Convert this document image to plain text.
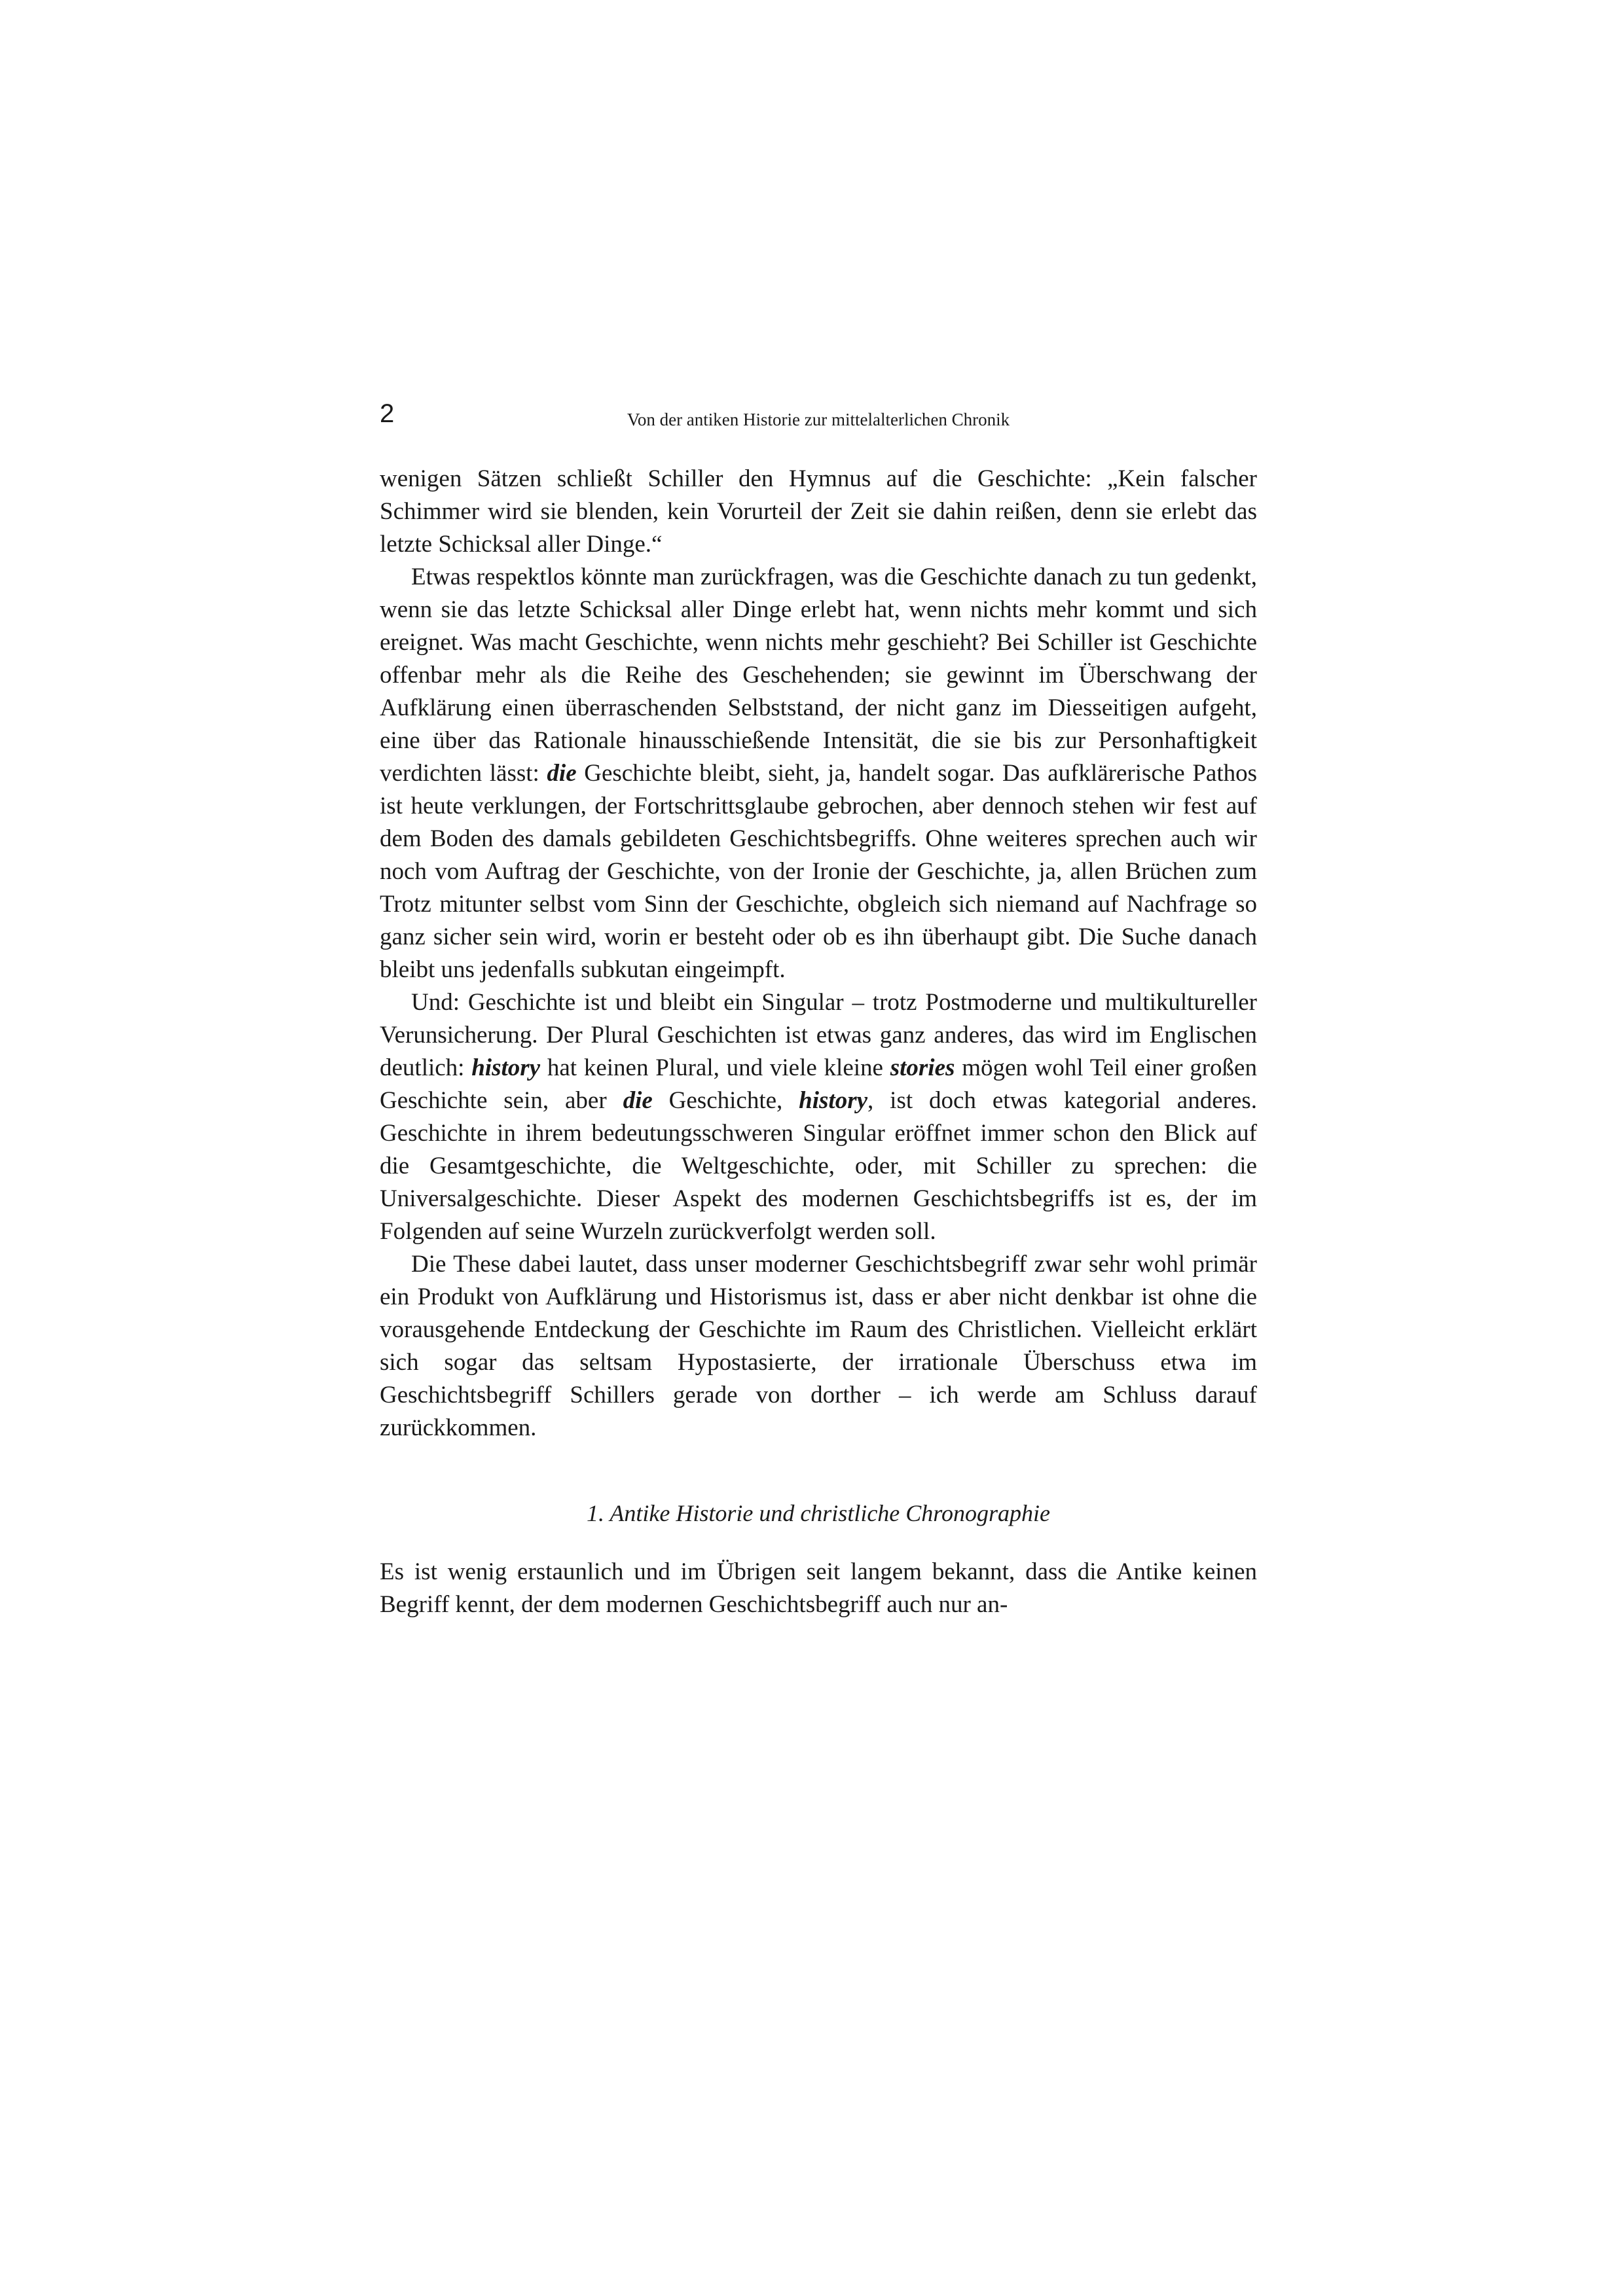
2	Von der antiken Historie zur mittelalterlichen Chronik

wenigen Sätzen schließt Schiller den Hymnus auf die Geschichte: „Kein falscher Schimmer wird sie blenden, kein Vorurteil der Zeit sie dahin reißen, denn sie erlebt das letzte Schicksal aller Dinge.“

Etwas respektlos könnte man zurückfragen, was die Geschichte danach zu tun gedenkt, wenn sie das letzte Schicksal aller Dinge erlebt hat, wenn nichts mehr kommt und sich ereignet. Was macht Geschichte, wenn nichts mehr geschieht? Bei Schiller ist Geschichte offenbar mehr als die Reihe des Geschehenden; sie gewinnt im Überschwang der Aufklärung einen überraschenden Selbststand, der nicht ganz im Diesseitigen aufgeht, eine über das Rationale hinausschießende Intensität, die sie bis zur Personhaftigkeit verdichten lässt: die Geschichte bleibt, sieht, ja, handelt sogar. Das aufklärerische Pathos ist heute verklungen, der Fortschrittsglaube gebrochen, aber dennoch stehen wir fest auf dem Boden des damals gebildeten Geschichtsbegriffs. Ohne weiteres sprechen auch wir noch vom Auftrag der Geschichte, von der Ironie der Geschichte, ja, allen Brüchen zum Trotz mitunter selbst vom Sinn der Geschichte, obgleich sich niemand auf Nachfrage so ganz sicher sein wird, worin er besteht oder ob es ihn überhaupt gibt. Die Suche danach bleibt uns jedenfalls subkutan eingeimpft.

Und: Geschichte ist und bleibt ein Singular – trotz Postmoderne und multikultureller Verunsicherung. Der Plural Geschichten ist etwas ganz anderes, das wird im Englischen deutlich: history hat keinen Plural, und viele kleine stories mögen wohl Teil einer großen Geschichte sein, aber die Geschichte, history, ist doch etwas kategorial anderes. Geschichte in ihrem bedeutungsschweren Singular eröffnet immer schon den Blick auf die Gesamtgeschichte, die Weltgeschichte, oder, mit Schiller zu sprechen: die Universalgeschichte. Dieser Aspekt des modernen Geschichtsbegriffs ist es, der im Folgenden auf seine Wurzeln zurückverfolgt werden soll.

Die These dabei lautet, dass unser moderner Geschichtsbegriff zwar sehr wohl primär ein Produkt von Aufklärung und Historismus ist, dass er aber nicht denkbar ist ohne die vorausgehende Entdeckung der Geschichte im Raum des Christlichen. Vielleicht erklärt sich sogar das seltsam Hypostasierte, der irrationale Überschuss etwa im Geschichtsbegriff Schillers gerade von dorther – ich werde am Schluss darauf zurückkommen.

1. Antike Historie und christliche Chronographie

Es ist wenig erstaunlich und im Übrigen seit langem bekannt, dass die Antike keinen Begriff kennt, der dem modernen Geschichtsbegriff auch nur an-
